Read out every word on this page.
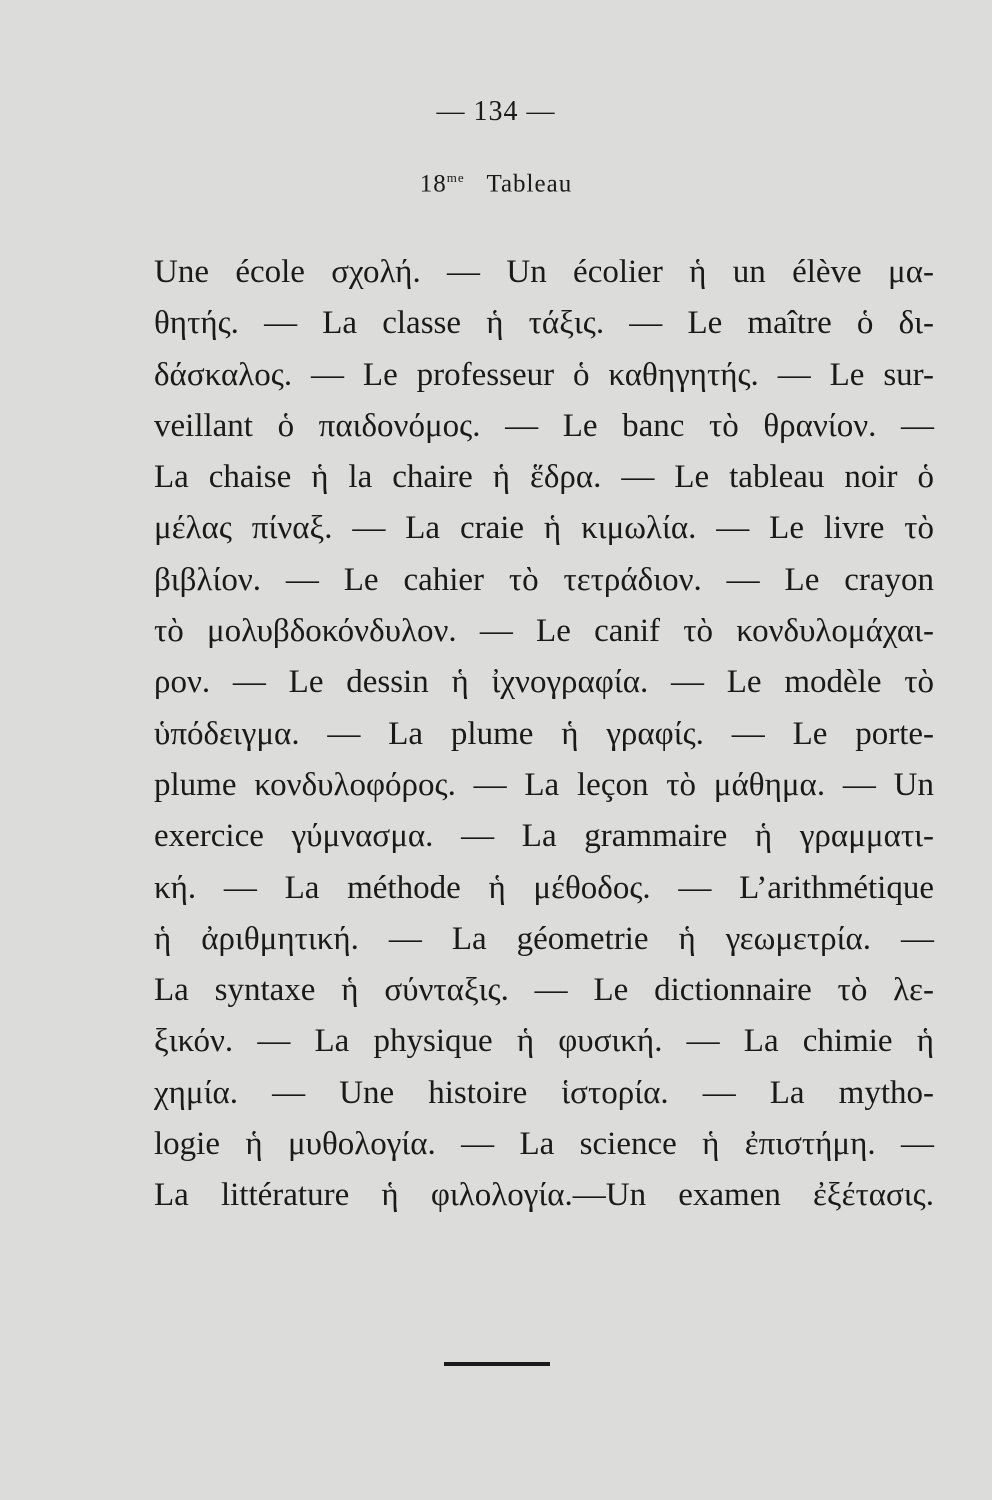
— 134 —
$18^{me}$ Tableau
Une école σχολή. — Un écolier ἡ un élève μα-
θητής. — La classe ἡ τάξις. — Le maître ὁ δι-
δάσκαλος. — Le professeur ὁ καθηγητής. — Le sur-
veillant ὁ παιδονόμος. — Le banc τὸ θρανίον. —
La chaise ἡ la chaire ἡ ἕδρα. — Le tableau noir ὁ
μέλας πίναξ. — La craie ἡ κιμωλία. — Le livre τὸ
βιβλίον. — Le cahier τὸ τετράδιον. — Le crayon
τὸ μολυβδοκόνδυλον. — Le canif τὸ κονδυλομάχαι-
ρον. — Le dessin ἡ ἰχνογραφία. — Le modèle τὸ
ὑπόδειγμα. — La plume ἡ γραφίς. — Le porte-
plume κονδυλοφόρος. — La leçon τὸ μάθημα. — Un
exercice γύμνασμα. — La grammaire ἡ γραμματι-
κή. — La méthode ἡ μέθοδος. — L’arithmétique
ἡ ἀριθμητική. — La géometrie ἡ γεωμετρία. —
La syntaxe ἡ σύνταξις. — Le dictionnaire τὸ λε-
ξικόν. — La physique ἡ φυσική. — La chimie ἡ
χημία. — Une histoire ἱστορία. — La mytho-
logie ἡ μυθολογία. — La science ἡ ἐπιστήμη. —
La littérature ἡ φιλολογία.—Un examen ἐξέτασις.
